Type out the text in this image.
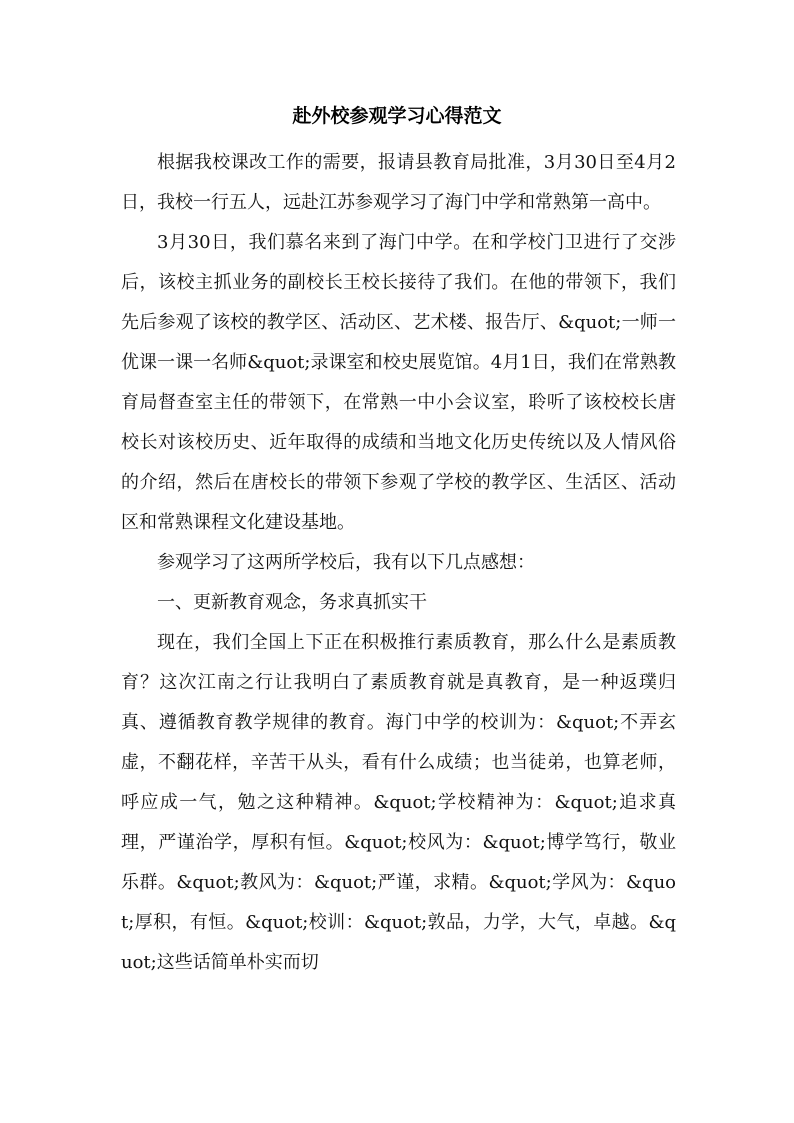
赴外校参观学习心得范文

根据我校课改工作的需要，报请县教育局批准，3月30日至4月2日，我校一行五人，远赴江苏参观学习了海门中学和常熟第一高中。

3月30日，我们慕名来到了海门中学。在和学校门卫进行了交涉后，该校主抓业务的副校长王校长接待了我们。在他的带领下，我们先后参观了该校的教学区、活动区、艺术楼、报告厅、&quot;一师一优课一课一名师&quot;录课室和校史展览馆。4月1日，我们在常熟教育局督查室主任的带领下，在常熟一中小会议室，聆听了该校校长唐校长对该校历史、近年取得的成绩和当地文化历史传统以及人情风俗的介绍，然后在唐校长的带领下参观了学校的教学区、生活区、活动区和常熟课程文化建设基地。

参观学习了这两所学校后，我有以下几点感想：

一、更新教育观念，务求真抓实干

现在，我们全国上下正在积极推行素质教育，那么什么是素质教育？这次江南之行让我明白了素质教育就是真教育，是一种返璞归真、遵循教育教学规律的教育。海门中学的校训为：&quot;不弄玄虚，不翻花样，辛苦干从头，看有什么成绩；也当徒弟，也算老师，呼应成一气，勉之这种精神。&quot;学校精神为：&quot;追求真理，严谨治学，厚积有恒。&quot;校风为：&quot;博学笃行，敬业乐群。&quot;教风为：&quot;严谨，求精。&quot;学风为：&quot;厚积，有恒。&quot;校训：&quot;敦品，力学，大气，卓越。&quot;这些话简单朴实而切
